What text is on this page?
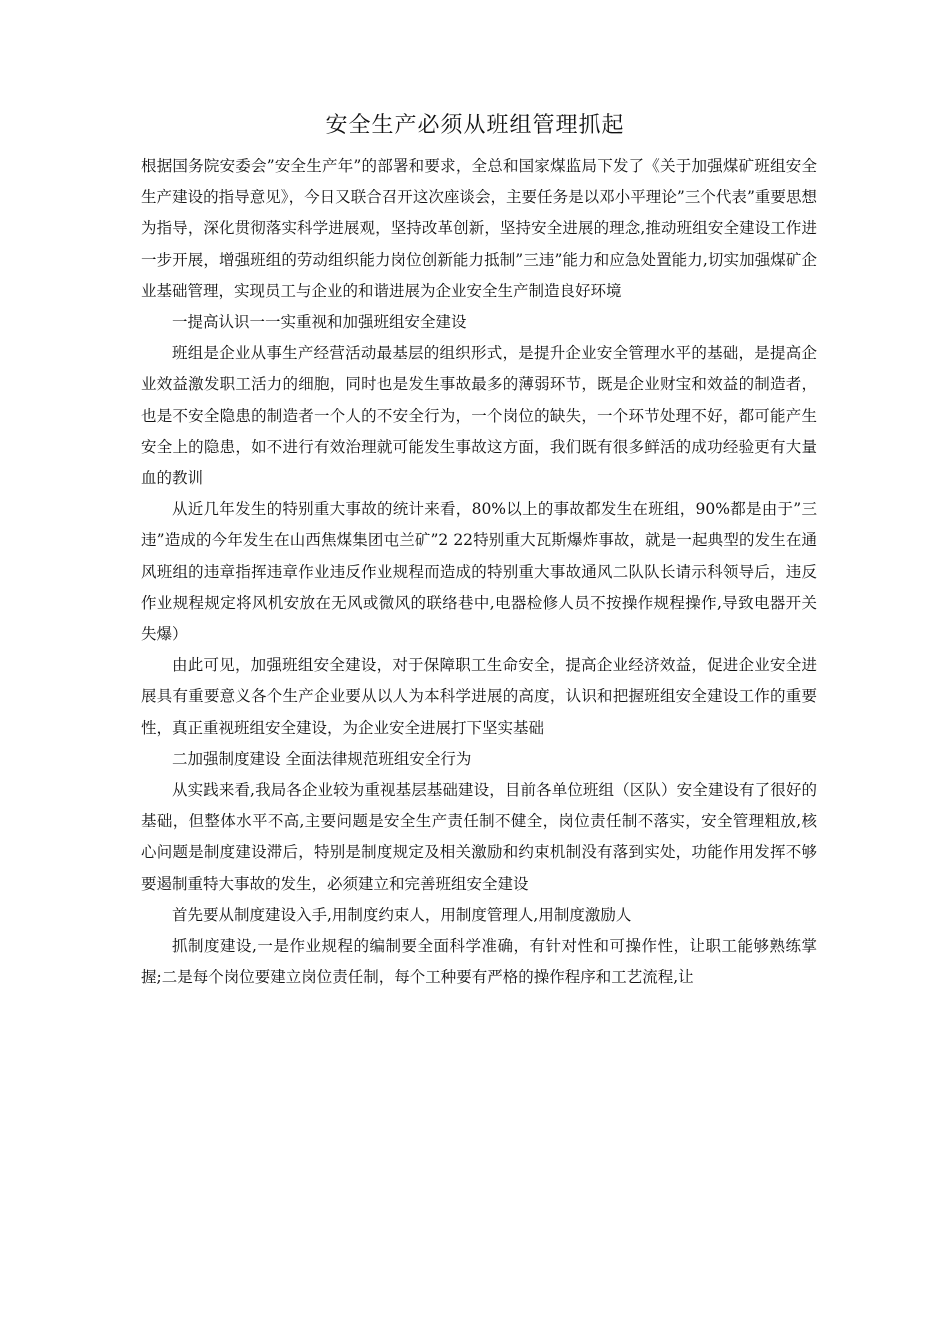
安全生产必须从班组管理抓起

根据国务院安委会”安全生产年”的部署和要求，全总和国家煤监局下发了《关于加强煤矿班组安全生产建设的指导意见》，今日又联合召开这次座谈会，主要任务是以邓小平理论”三个代表”重要思想为指导，深化贯彻落实科学进展观，坚持改革创新，坚持安全进展的理念,推动班组安全建设工作进一步开展，增强班组的劳动组织能力岗位创新能力抵制”三违”能力和应急处置能力,切实加强煤矿企业基础管理，实现员工与企业的和谐进展为企业安全生产制造良好环境

一提高认识一一实重视和加强班组安全建设

班组是企业从事生产经营活动最基层的组织形式，是提升企业安全管理水平的基础，是提高企业效益激发职工活力的细胞，同时也是发生事故最多的薄弱环节，既是企业财宝和效益的制造者，也是不安全隐患的制造者一个人的不安全行为，一个岗位的缺失，一个环节处理不好，都可能产生安全上的隐患，如不进行有效治理就可能发生事故这方面，我们既有很多鲜活的成功经验更有大量血的教训

从近几年发生的特别重大事故的统计来看，80%以上的事故都发生在班组，90%都是由于”三违”造成的今年发生在山西焦煤集团屯兰矿”2 22特别重大瓦斯爆炸事故，就是一起典型的发生在通风班组的违章指挥违章作业违反作业规程而造成的特别重大事故通风二队队长请示科领导后，违反作业规程规定将风机安放在无风或微风的联络巷中,电器检修人员不按操作规程操作,导致电器开关失爆）

由此可见，加强班组安全建设，对于保障职工生命安全，提高企业经济效益，促进企业安全进展具有重要意义各个生产企业要从以人为本科学进展的高度，认识和把握班组安全建设工作的重要性，真正重视班组安全建设，为企业安全进展打下坚实基础

二加强制度建设 全面法律规范班组安全行为

从实践来看,我局各企业较为重视基层基础建设，目前各单位班组（区队）安全建设有了很好的基础，但整体水平不高,主要问题是安全生产责任制不健全，岗位责任制不落实，安全管理粗放,核心问题是制度建设滞后，特别是制度规定及相关激励和约束机制没有落到实处，功能作用发挥不够要遏制重特大事故的发生，必须建立和完善班组安全建设

首先要从制度建设入手,用制度约束人，用制度管理人,用制度激励人

抓制度建设,一是作业规程的编制要全面科学准确，有针对性和可操作性，让职工能够熟练掌握;二是每个岗位要建立岗位责任制，每个工种要有严格的操作程序和工艺流程,让
